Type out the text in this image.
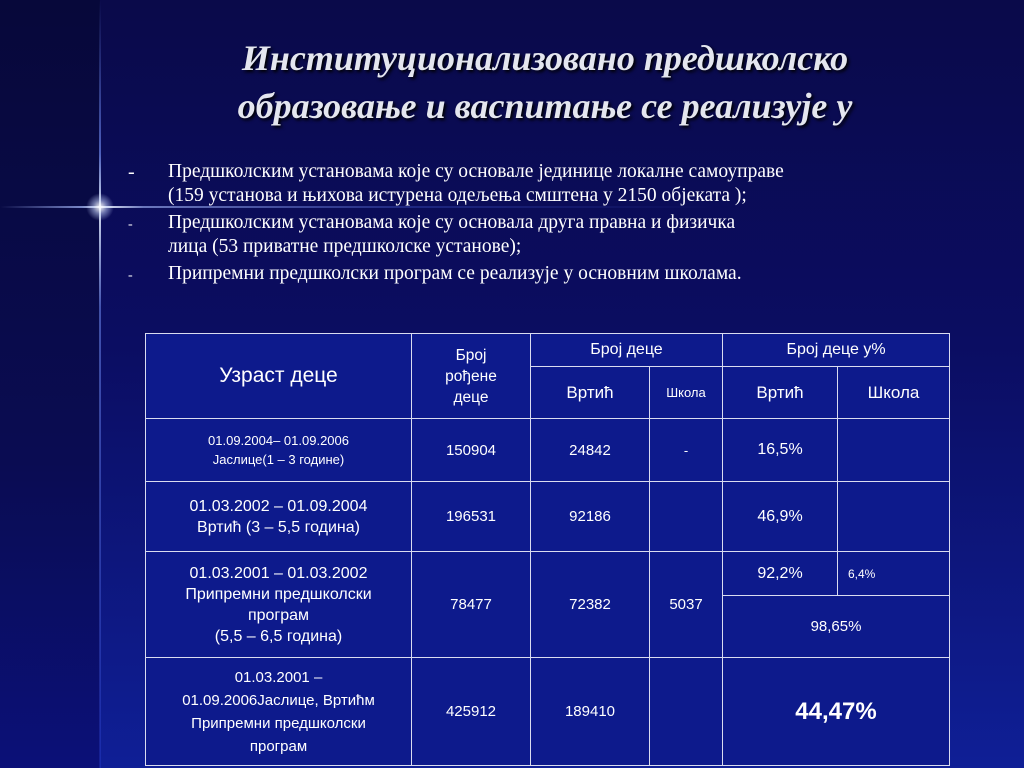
Институционализовано предшколско
образовање и васпитање се реализује у
- Предшколским установама које су основале јединице локалне самоуправе
(159 установа и њихова истурена одељења смштена у 2150 објеката );
- Предшколским установама које су основала друга правна и физичка
лица (53 приватне предшколске установе);
- Припремни предшколски програм се реализује у основним школама.
Узраст деце	Број
рођене
деце	Број деце		Број деце у%	
		Вртић	Школа	Вртић	Школа
01.09.2004– 01.09.2006
Јаслице(1 – 3 године)	150904	24842	-	16,5%	
01.03.2002 – 01.09.2004
Вртић (3 – 5,5 година)	196531	92186		46,9%	
01.03.2001 – 01.03.2002
Припремни предшколски
програм
(5,5 – 6,5 година)	78477	72382	5037	92,2%	6,4%
				98,65%	
01.03.2001 –
01.09.2006Јаслице, Вртићм
Припремни предшколски
програм	425912	189410		44,47%	
